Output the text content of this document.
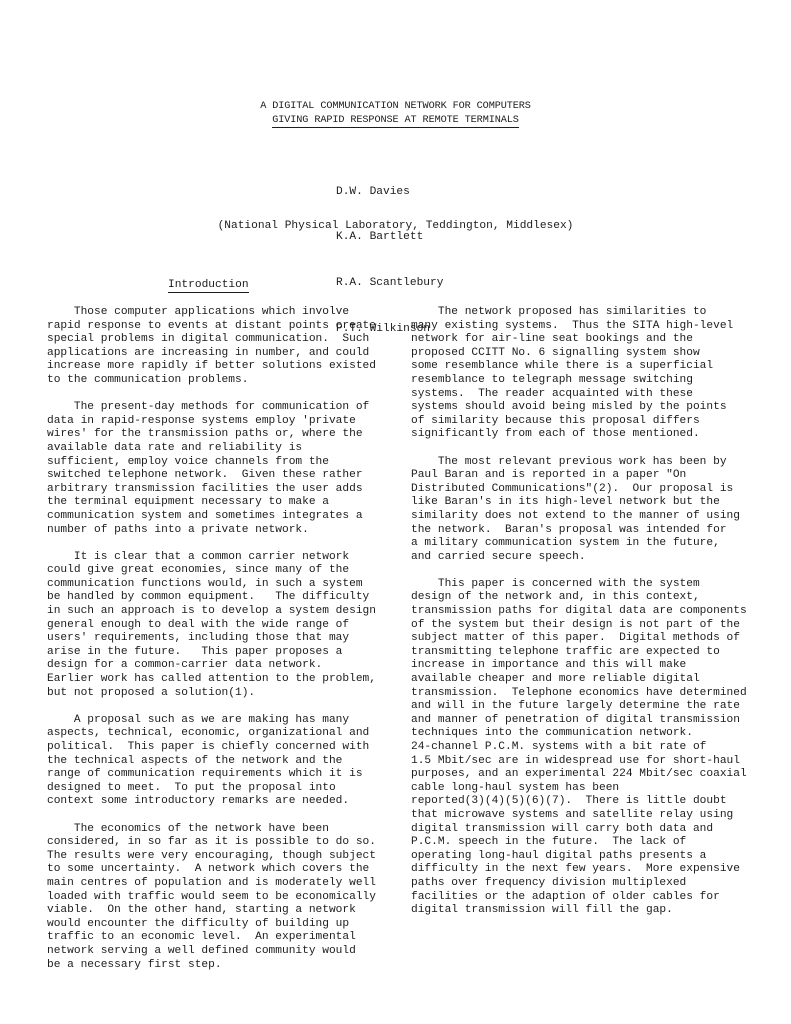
A DIGITAL COMMUNICATION NETWORK FOR COMPUTERS
GIVING RAPID RESPONSE AT REMOTE TERMINALS

D.W. Davies

K.A. Bartlett

R.A. Scantlebury

P.T. Wilkinson

(National Physical Laboratory, Teddington, Middlesex)
Introduction
Those computer applications which involve
rapid response to events at distant points create
special problems in digital communication.  Such
applications are increasing in number, and could
increase more rapidly if better solutions existed
to the communication problems.
The present-day methods for communication of
data in rapid-response systems employ 'private
wires' for the transmission paths or, where the
available data rate and reliability is
sufficient, employ voice channels from the
switched telephone network.  Given these rather
arbitrary transmission facilities the user adds
the terminal equipment necessary to make a
communication system and sometimes integrates a
number of paths into a private network.
It is clear that a common carrier network
could give great economies, since many of the
communication functions would, in such a system
be handled by common equipment.   The difficulty
in such an approach is to develop a system design
general enough to deal with the wide range of
users' requirements, including those that may
arise in the future.   This paper proposes a
design for a common-carrier data network.
Earlier work has called attention to the problem,
but not proposed a solution(1).
A proposal such as we are making has many
aspects, technical, economic, organizational and
political.  This paper is chiefly concerned with
the technical aspects of the network and the
range of communication requirements which it is
designed to meet.  To put the proposal into
context some introductory remarks are needed.
The economics of the network have been
considered, in so far as it is possible to do so.
The results were very encouraging, though subject
to some uncertainty.  A network which covers the
main centres of population and is moderately well
loaded with traffic would seem to be economically
viable.  On the other hand, starting a network
would encounter the difficulty of building up
traffic to an economic level.  An experimental
network serving a well defined community would
be a necessary first step.
The network proposed has similarities to
many existing systems.  Thus the SITA high-level
network for air-line seat bookings and the
proposed CCITT No. 6 signalling system show
some resemblance while there is a superficial
resemblance to telegraph message switching
systems.  The reader acquainted with these
systems should avoid being misled by the points
of similarity because this proposal differs
significantly from each of those mentioned.
The most relevant previous work has been by
Paul Baran and is reported in a paper "On
Distributed Communications"(2).  Our proposal is
like Baran's in its high-level network but the
similarity does not extend to the manner of using
the network.  Baran's proposal was intended for
a military communication system in the future,
and carried secure speech.
This paper is concerned with the system
design of the network and, in this context,
transmission paths for digital data are components
of the system but their design is not part of the
subject matter of this paper.  Digital methods of
transmitting telephone traffic are expected to
increase in importance and this will make
available cheaper and more reliable digital
transmission.  Telephone economics have determined
and will in the future largely determine the rate
and manner of penetration of digital transmission
techniques into the communication network.
24-channel P.C.M. systems with a bit rate of
1.5 Mbit/sec are in widespread use for short-haul
purposes, and an experimental 224 Mbit/sec coaxial
cable long-haul system has been
reported(3)(4)(5)(6)(7).  There is little doubt
that microwave systems and satellite relay using
digital transmission will carry both data and
P.C.M. speech in the future.  The lack of
operating long-haul digital paths presents a
difficulty in the next few years.  More expensive
paths over frequency division multiplexed
facilities or the adaption of older cables for
digital transmission will fill the gap.
